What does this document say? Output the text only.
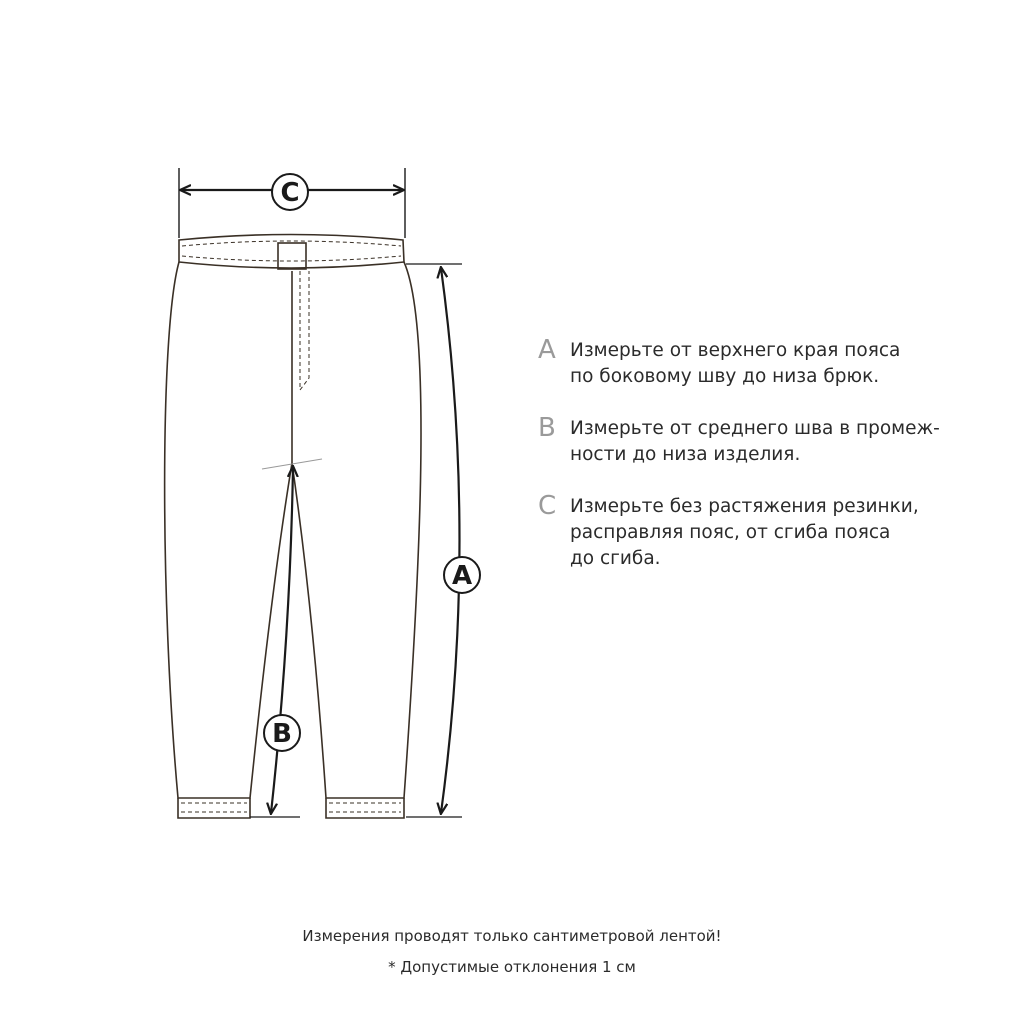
C
A
B
A Измерьте от верхнего края пояса
по боковому шву до низа брюк.
B Измерьте от среднего шва в промеж-
ности до низа изделия.
C Измерьте без растяжения резинки,
расправляя пояс, от сгиба пояса
до сгиба.
Измерения проводят только сантиметровой лентой!
* Допустимые отклонения 1 см
